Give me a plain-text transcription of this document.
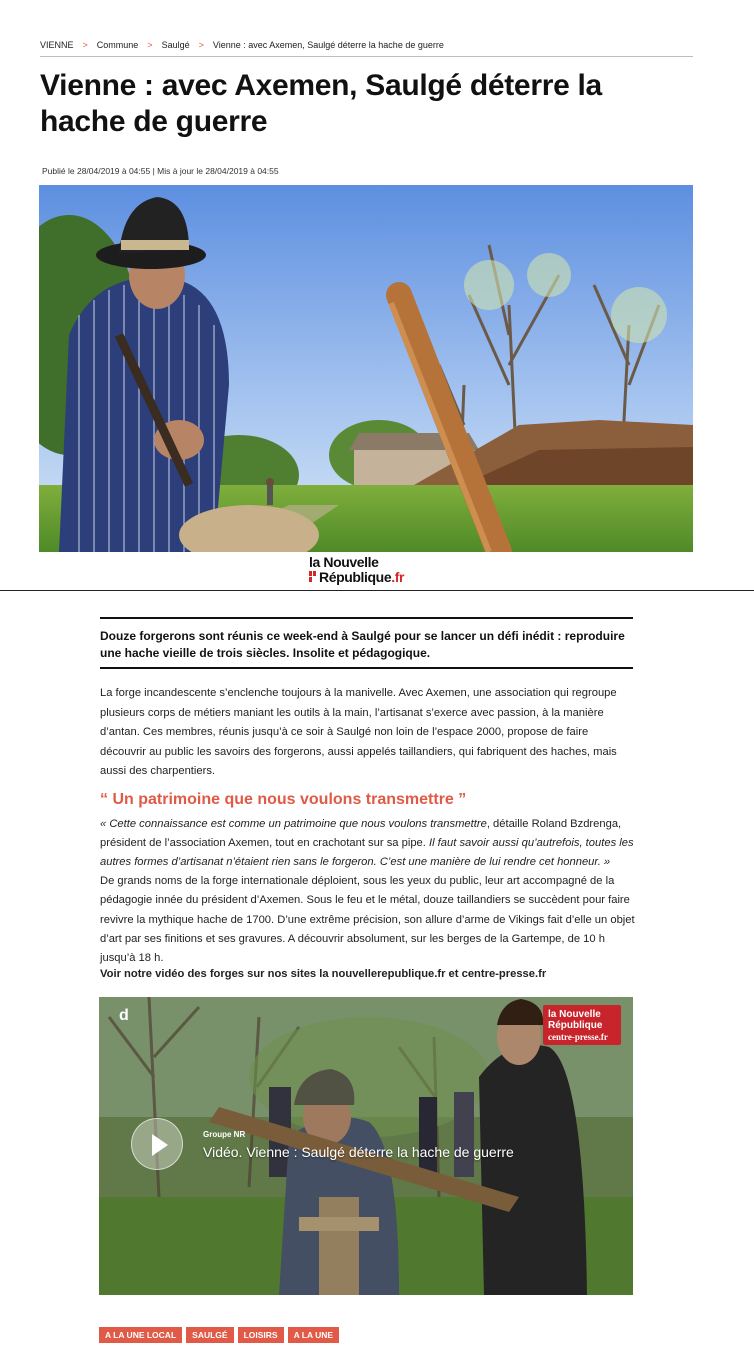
VIENNE > Commune > Saulgé > Vienne : avec Axemen, Saulgé déterre la hache de guerre
Vienne : avec Axemen, Saulgé déterre la hache de guerre
Publié le 28/04/2019 à 04:55 | Mis à jour le 28/04/2019 à 04:55
la Nouvelle
République.fr
Douze forgerons sont réunis ce week-end à Saulgé pour se lancer un défi inédit : reproduire une hache vieille de trois siècles. Insolite et pédagogique.

La forge incandescente s’enclenche toujours à la manivelle. Avec Axemen, une association qui regroupe plusieurs corps de métiers maniant les outils à la main, l’artisanat s’exerce avec passion, à la manière d’antan. Ces membres, réunis jusqu’à ce soir à Saulgé non loin de l’espace 2000, propose de faire découvrir au public les savoirs des forgerons, aussi appelés taillandiers, qui fabriquent des haches, mais aussi des charpentiers.

“ Un patrimoine que nous voulons transmettre ”

« Cette connaissance est comme un patrimoine que nous voulons transmettre, détaille Roland Bzdrenga, président de l’association Axemen, tout en crachotant sur sa pipe. Il faut savoir aussi qu’autrefois, toutes les autres formes d’artisanat n’étaient rien sans le forgeron. C’est une manière de lui rendre cet honneur. »

De grands noms de la forge internationale déploient, sous les yeux du public, leur art accompagné de la pédagogie innée du président d’Axemen. Sous le feu et le métal, douze taillandiers se succèdent pour faire revivre la mythique hache de 1700. D’une extrême précision, son allure d’arme de Vikings fait d’elle un objet d’art par ses finitions et ses gravures. A découvrir absolument, sur les berges de la Gartempe, de 10 h jusqu’à 18 h.

Voir notre vidéo des forges sur nos sites la nouvellerepublique.fr et centre-presse.fr

d	la Nouvelle
République
centre-presse.fr
Groupe NR
Vidéo. Vienne : Saulgé déterre la hache de guerre
A LA UNE LOCAL	SAULGÉ	LOISIRS	A LA UNE
